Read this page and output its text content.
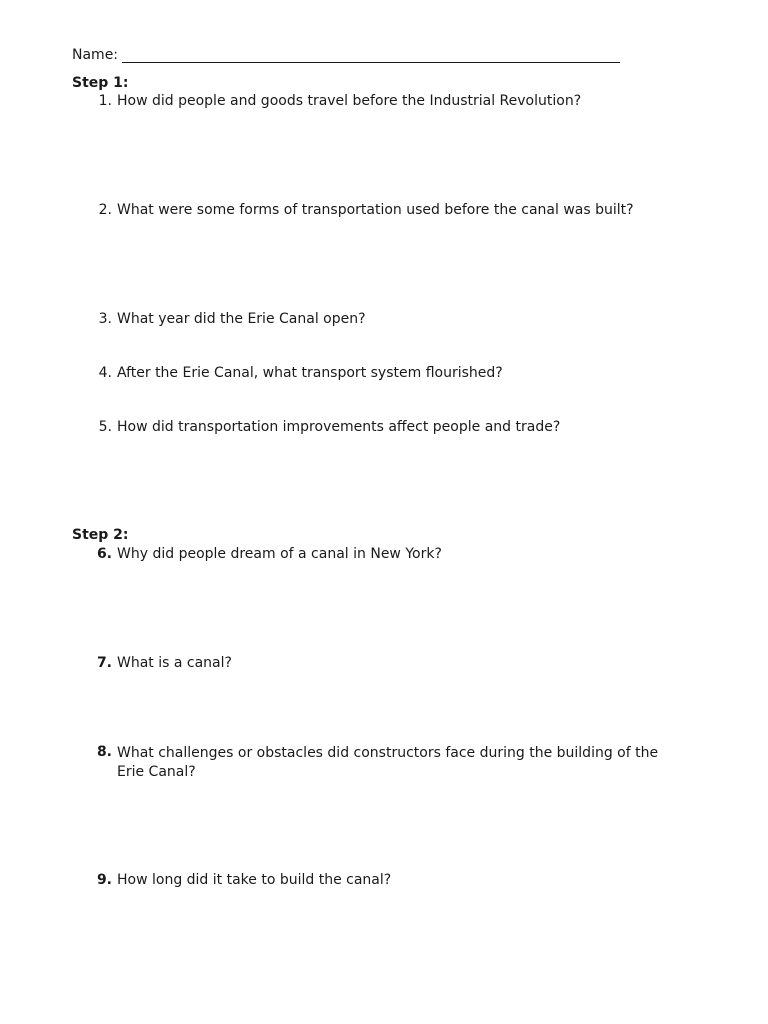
Name:
Step 1:
1. How did people and goods travel before the Industrial Revolution?
2. What were some forms of transportation used before the canal was built?
3. What year did the Erie Canal open?
4. After the Erie Canal, what transport system flourished?
5. How did transportation improvements affect people and trade?
Step 2:
6. Why did people dream of a canal in New York?
7. What is a canal?
8. What challenges or obstacles did constructors face during the building of the Erie Canal?
9. How long did it take to build the canal?
